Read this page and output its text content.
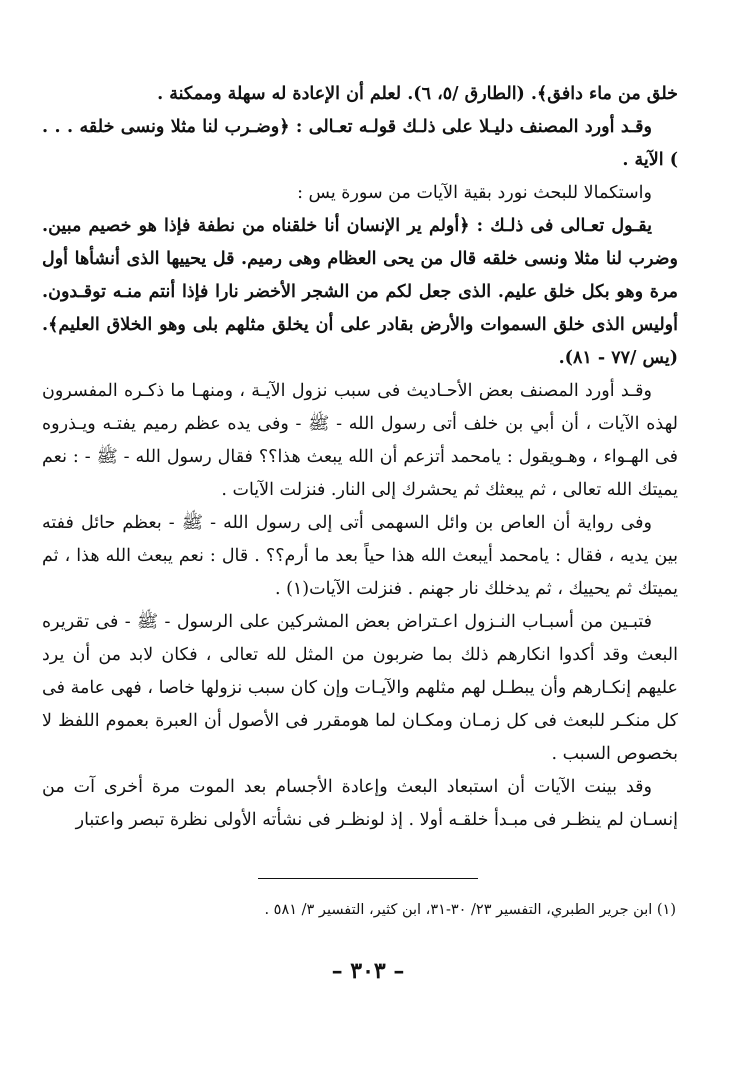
خلق من ماء دافق﴾. (الطارق /٥، ٦). لعلم أن الإعادة له سهلة وممكنة .

وقـد أورد المصنف دليـلا على ذلـك قولـه تعـالى : ﴿وضـرب لنا مثلا ونسى خلقه . . . ) الآية .

واستكمالا للبحث نورد بقية الآيات من سورة يس :

يقـول تعـالى فى ذلـك : ﴿أولم ير الإنسان أنا خلقناه من نطفة فإذا هو خصيم مبين. وضرب لنا مثلا ونسى خلقه قال من يحى العظام وهى رميم. قل يحييها الذى أنشأها أول مرة وهو بكل خلق عليم. الذى جعل لكم من الشجر الأخضر نارا فإذا أنتم منـه توقـدون. أوليس الذى خلق السموات والأرض بقادر على أن يخلق مثلهم بلى وهو الخلاق العليم﴾. (يس /٧٧ - ٨١).

وقـد أورد المصنف بعض الأحـاديث فى سبب نزول الآيـة ، ومنهـا ما ذكـره المفسرون لهذه الآيات ، أن أبي بن خلف أتى رسول الله - ﷺ - وفى يده عظم رميم يفتـه ويـذروه فى الهـواء ، وهـويقول : يامحمد أتزعم أن الله يبعث هذا؟؟ فقال رسول الله - ﷺ - : نعم يميتك الله تعالى ، ثم يبعثك ثم يحشرك إلى النار. فنزلت الآيات .

وفى رواية أن العاص بن وائل السهمى أتى إلى رسول الله - ﷺ - بعظم حائل ففته بين يديه ، فقال : يامحمد أيبعث الله هذا حياً بعد ما أرم؟؟ . قال : نعم يبعث الله هذا ، ثم يميتك ثم يحييك ، ثم يدخلك نار جهنم . فنزلت الآيات(١) .

فتبـين من أسبـاب النـزول اعـتراض بعض المشركين على الرسول - ﷺ - فى تقريره البعث وقد أكدوا انكارهم ذلك بما ضربون من المثل لله تعالى ، فكان لابد من أن يرد عليهم إنكـارهم وأن يبطـل لهم مثلهم والآيـات وإن كان سبب نزولها خاصا ، فهى عامة فى كل منكـر للبعث فى كل زمـان ومكـان لما هومقرر فى الأصول أن العبرة بعموم اللفظ لا بخصوص السبب .

وقد بينت الآيات أن استبعاد البعث وإعادة الأجسام بعد الموت مرة أخرى آت من إنسـان لم ينظـر فى مبـدأ خلقـه أولا . إذ لونظـر فى نشأته الأولى نظرة تبصر واعتبار

(١) ابن جرير الطبري، التفسير ٢٣/ ٣٠-٣١، ابن كثير، التفسير ٣/ ٥٨١ .
– ٣٠٣ –
